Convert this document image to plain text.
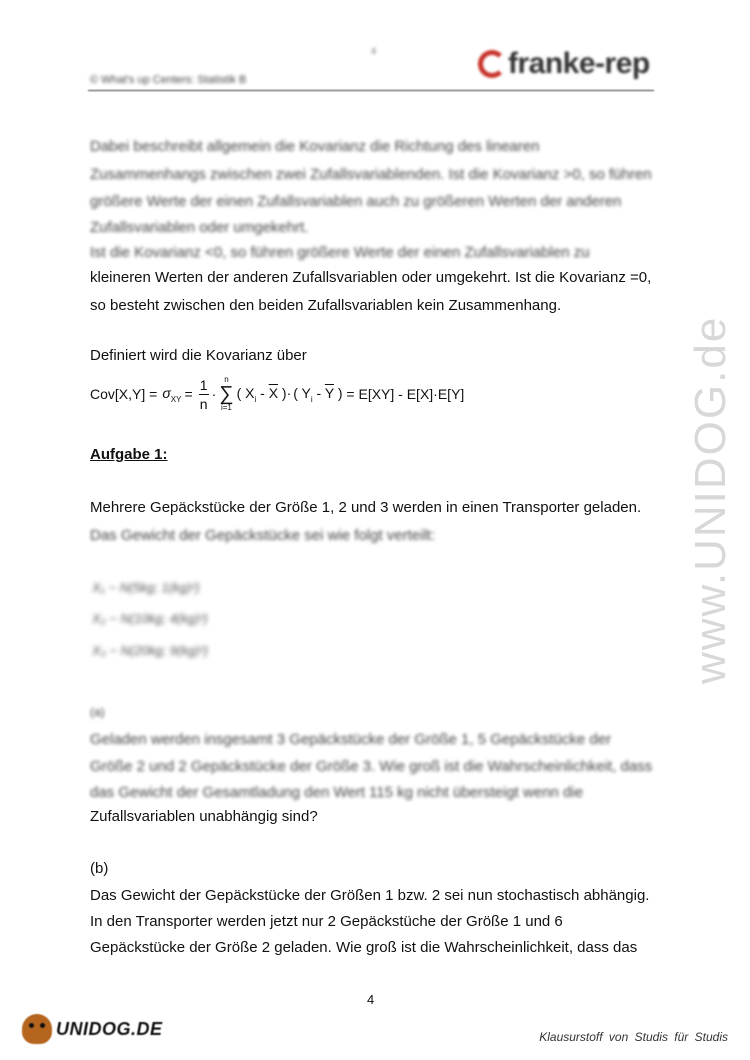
4
© What's up Centers: Statistik B	franke-rep
www.UNIDOG.de
Dabei beschreibt allgemein die Kovarianz die Richtung des linearen
Zusammenhangs zwischen zwei Zufallsvariablenden. Ist die Kovarianz >0, so führen
größere Werte der einen Zufallsvariablen auch zu größeren Werten der anderen
Zufallsvariablen oder umgekehrt.
Ist die Kovarianz <0, so führen größere Werte der einen Zufallsvariablen zu
kleineren Werten der anderen Zufallsvariablen oder umgekehrt. Ist die Kovarianz =0,
so besteht zwischen den beiden Zufallsvariablen kein Zusammenhang.
Definiert wird die Kovarianz über
$Cov[X,Y] = \sigma_{XY} = \frac{1}{n}$ ·
n
∑
i=1
( $X_i - \overline{X}$ )· ( $Y_i - \overline{Y}$ ) = E[XY] - E[X]·E[Y]
Aufgabe 1:
Mehrere Gepäckstücke der Größe 1, 2 und 3 werden in einen Transporter geladen.
Das Gewicht der Gepäckstücke sei wie folgt verteilt:
X₁ ~ N(5kg; 1(kg)²)
X₂ ~ N(10kg; 4(kg)²)
X₃ ~ N(20kg; 9(kg)²)
(a)
Geladen werden insgesamt 3 Gepäckstücke der Größe 1, 5 Gepäckstücke der
Größe 2 und 2 Gepäckstücke der Größe 3. Wie groß ist die Wahrscheinlichkeit, dass
das Gewicht der Gesamtladung den Wert 115 kg nicht übersteigt wenn die
Zufallsvariablen unabhängig sind?
(b)
Das Gewicht der Gepäckstücke der Größen 1 bzw. 2 sei nun stochastisch abhängig.
In den Transporter werden jetzt nur 2 Gepäckstüche der Größe 1 und 6
Gepäckstücke der Größe 2 geladen. Wie groß ist die Wahrscheinlichkeit, dass das
4
UNIDOG.DE	Klausurstoff von Studis für Studis
